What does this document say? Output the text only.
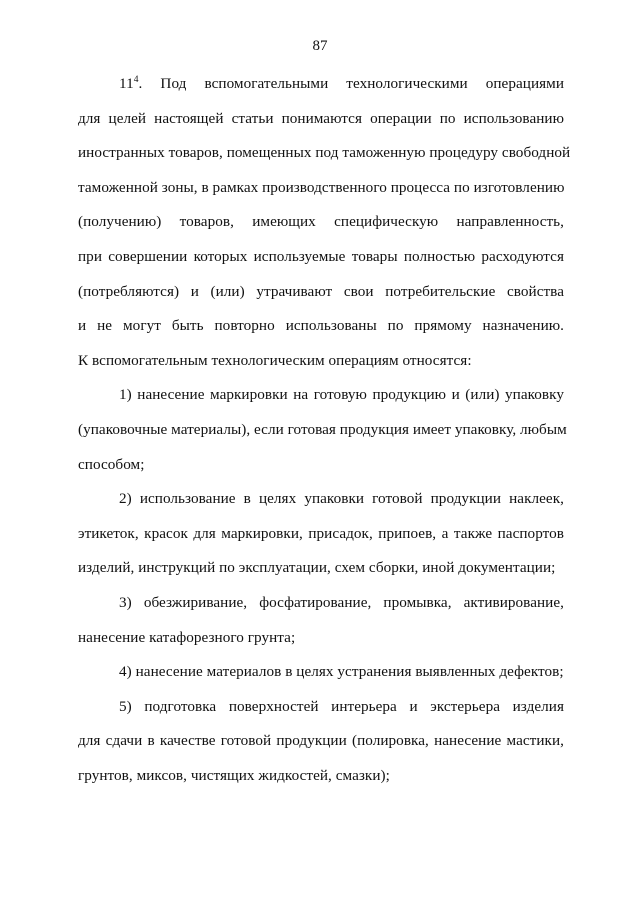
87
$11^4$. Под вспомогательными технологическими операциями
для целей настоящей статьи понимаются операции по использованию
иностранных товаров, помещенных под таможенную процедуру свободной
таможенной зоны, в рамках производственного процесса по изготовлению
(получению) товаров, имеющих специфическую направленность,
при совершении которых используемые товары полностью расходуются
(потребляются) и (или) утрачивают свои потребительские свойства
и не могут быть повторно использованы по прямому назначению.
К вспомогательным технологическим операциям относятся:
1) нанесение маркировки на готовую продукцию и (или) упаковку
(упаковочные материалы), если готовая продукция имеет упаковку, любым
способом;
2) использование в целях упаковки готовой продукции наклеек,
этикеток, красок для маркировки, присадок, припоев, а также паспортов
изделий, инструкций по эксплуатации, схем сборки, иной документации;
3) обезжиривание, фосфатирование, промывка, активирование,
нанесение катафорезного грунта;
4) нанесение материалов в целях устранения выявленных дефектов;
5) подготовка поверхностей интерьера и экстерьера изделия
для сдачи в качестве готовой продукции (полировка, нанесение мастики,
грунтов, миксов, чистящих жидкостей, смазки);
